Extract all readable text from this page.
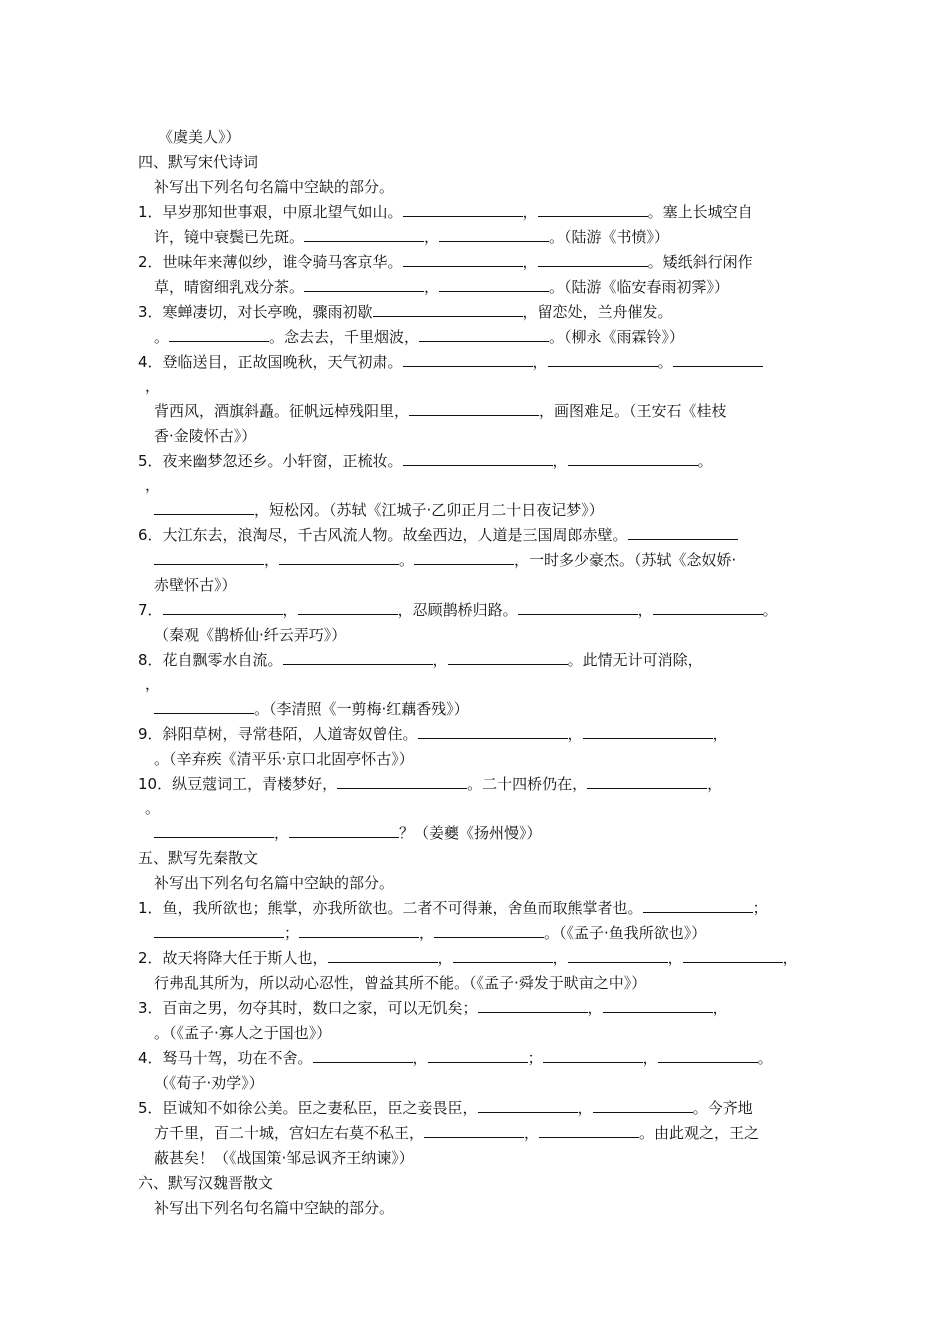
《虞美人》）
四、默写宋代诗词
补写出下列名句名篇中空缺的部分。
1．早岁那知世事艰，中原北望气如山。	，	。塞上长城空自
许，镜中衰鬓已先斑。	，	。（陆游《书愤》）
2．世味年来薄似纱，谁令骑马客京华。	，	。矮纸斜行闲作
草，晴窗细乳戏分茶。	，	。（陆游《临安春雨初霁》）
3．寒蝉凄切，对长亭晚，骤雨初歇	，留恋处，兰舟催发。
。	。念去去，千里烟波，	。（柳永《雨霖铃》）
4．登临送目，正故国晚秋，天气初肃。	，	。
，
背西风，酒旗斜矗。征帆远棹残阳里，	，画图难足。（王安石《桂枝
香·金陵怀古》）
5．夜来幽梦忽还乡。小轩窗，正梳妆。	，	。
，
，短松冈。（苏轼《江城子·乙卯正月二十日夜记梦》）
6．大江东去，浪淘尽，千古风流人物。故垒西边，人道是三国周郎赤壁。
，	。	，一时多少豪杰。（苏轼《念奴娇·
赤壁怀古》）
7．	，	，忍顾鹊桥归路。	，	。
（秦观《鹊桥仙·纤云弄巧》）
8．花自飘零水自流。	，	。此情无计可消除，
，
。（李清照《一剪梅·红藕香残》）
9．斜阳草树，寻常巷陌，人道寄奴曾住。	，	，
。（辛弃疾《清平乐·京口北固亭怀古》）
10．纵豆蔻词工，青楼梦好，	。二十四桥仍在，	，
。
，	？（姜夔《扬州慢》）
五、默写先秦散文
补写出下列名句名篇中空缺的部分。
1．鱼，我所欲也；熊掌，亦我所欲也。二者不可得兼，舍鱼而取熊掌者也。	；
；	，	。（《孟子·鱼我所欲也》）
2．故天将降大任于斯人也，	，	，	，	，
行弗乱其所为，所以动心忍性，曾益其所不能。（《孟子·舜发于畎亩之中》）
3．百亩之男，勿夺其时，数口之家，可以无饥矣；	，	，
。（《孟子·寡人之于国也》）
4．驽马十驾，功在不舍。	，	；	，	。
（《荀子·劝学》）
5．臣诚知不如徐公美。臣之妻私臣，臣之妾畏臣，	，	。今齐地
方千里，百二十城，宫妇左右莫不私王，	，	。由此观之，王之
蔽甚矣！（《战国策·邹忌讽齐王纳谏》）
六、默写汉魏晋散文
补写出下列名句名篇中空缺的部分。
